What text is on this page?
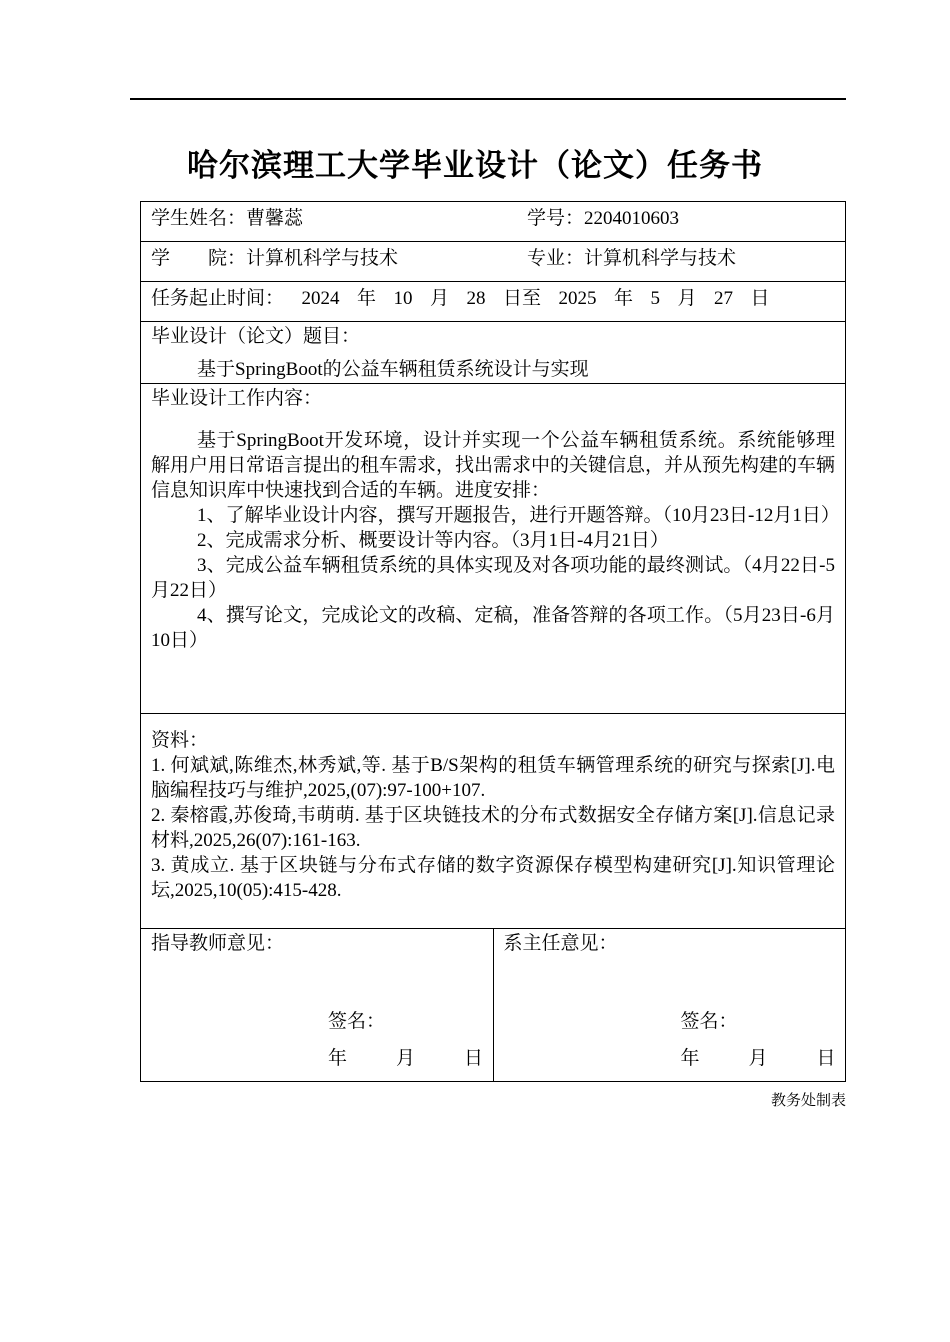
哈尔滨理工大学毕业设计（论文）任务书
学生姓名：曹馨蕊	学号：2204010603
学　　院：计算机科学与技术	专业：计算机科学与技术
任务起止时间：  2024  年  10  月  28  日至  2025  年  5  月  27  日
毕业设计（论文）题目：
基于SpringBoot的公益车辆租赁系统设计与实现
毕业设计工作内容：

基于SpringBoot开发环境，设计并实现一个公益车辆租赁系统。系统能够理解用户用日常语言提出的租车需求，找出需求中的关键信息，并从预先构建的车辆信息知识库中快速找到合适的车辆。进度安排：

1、了解毕业设计内容，撰写开题报告，进行开题答辩。（10月23日-12月1日）

2、完成需求分析、概要设计等内容。（3月1日-4月21日）

3、完成公益车辆租赁系统的具体实现及对各项功能的最终测试。（4月22日-5月22日）

4、撰写论文，完成论文的改稿、定稿，准备答辩的各项工作。（5月23日-6月10日）

资料：

1. 何斌斌,陈维杰,林秀斌,等. 基于B/S架构的租赁车辆管理系统的研究与探索[J].电脑编程技巧与维护,2025,(07):97-100+107.

2. 秦榕霞,苏俊琦,韦萌萌. 基于区块链技术的分布式数据安全存储方案[J].信息记录材料,2025,26(07):161-163.

3. 黄成立. 基于区块链与分布式存储的数字资源保存模型构建研究[J].知识管理论坛,2025,10(05):415-428.

指导教师意见：
签名：
年	月	日
系主任意见：
签名：
年	月	日
教务处制表
